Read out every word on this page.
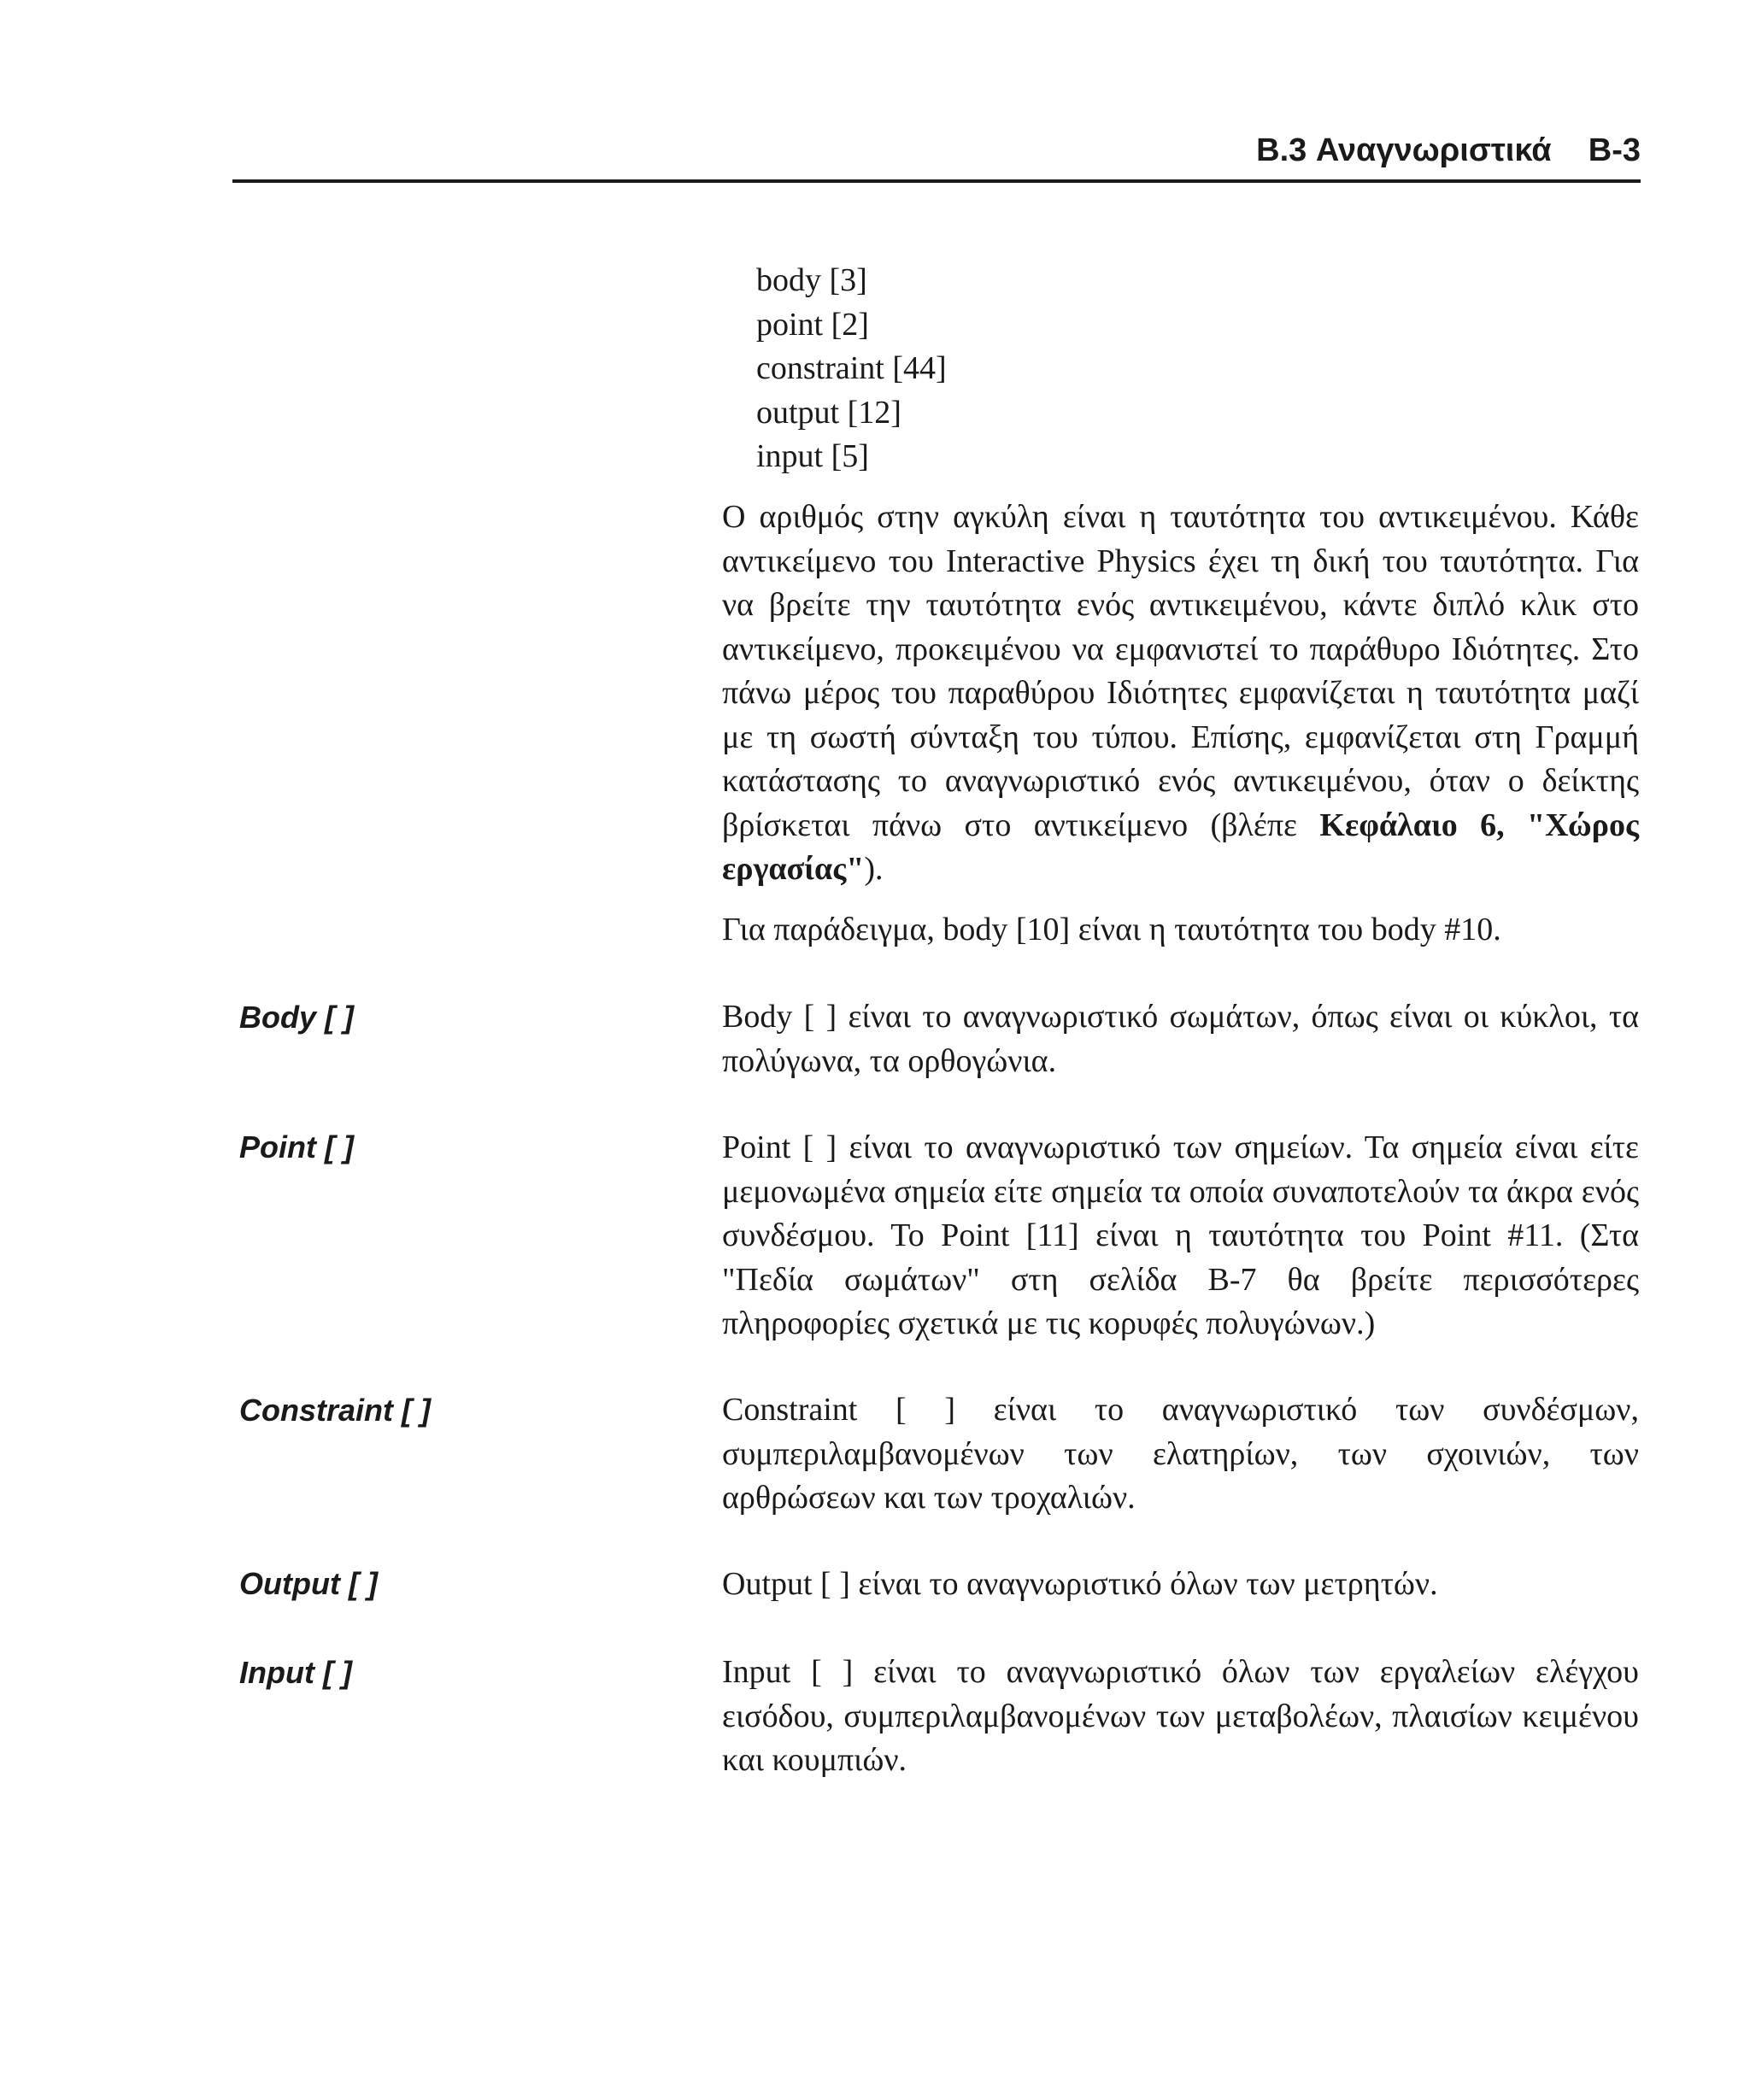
B.3 Αναγνωριστικά B-3
body [3]
point [2]
constraint [44]
output [12]
input [5]

Ο αριθμός στην αγκύλη είναι η ταυτότητα του αντικειμένου. Κάθε αντικείμενο του Interactive Physics έχει τη δική του ταυτότητα. Για να βρείτε την ταυτότητα ενός αντικειμένου, κάντε διπλό κλικ στο αντικείμενο, προκειμένου να εμφανιστεί το παράθυρο Ιδιότητες. Στο πάνω μέρος του παραθύρου Ιδιότητες εμφανίζεται η ταυτότητα μαζί με τη σωστή σύνταξη του τύπου. Επίσης, εμφανίζεται στη Γραμμή κατάστασης το αναγνωριστικό ενός αντικειμένου, όταν ο δείκτης βρίσκεται πάνω στο αντικείμενο (βλέπε Κεφάλαιο 6, "Χώρος εργασίας").

Για παράδειγμα, body [10] είναι η ταυτότητα του body #10.

Body [ ]	Body [ ] είναι το αναγνωριστικό σωμάτων, όπως είναι οι κύκλοι, τα πολύγωνα, τα ορθογώνια.

Point [ ]	Point [ ] είναι το αναγνωριστικό των σημείων. Τα σημεία είναι είτε μεμονωμένα σημεία είτε σημεία τα οποία συναποτελούν τα άκρα ενός συνδέσμου. Το Point [11] είναι η ταυτότητα του Point #11. (Στα "Πεδία σωμάτων" στη σελίδα B-7 θα βρείτε περισσότερες πληροφορίες σχετικά με τις κορυφές πολυγώνων.)

Constraint [ ]	Constraint [ ] είναι το αναγνωριστικό των συνδέσμων, συμπεριλαμβανομένων των ελατηρίων, των σχοινιών, των αρθρώσεων και των τροχαλιών.

Output [ ]	Output [ ] είναι το αναγνωριστικό όλων των μετρητών.

Input [ ]	Input [ ] είναι το αναγνωριστικό όλων των εργαλείων ελέγχου εισόδου, συμπεριλαμβανομένων των μεταβολέων, πλαισίων κειμένου και κουμπιών.
